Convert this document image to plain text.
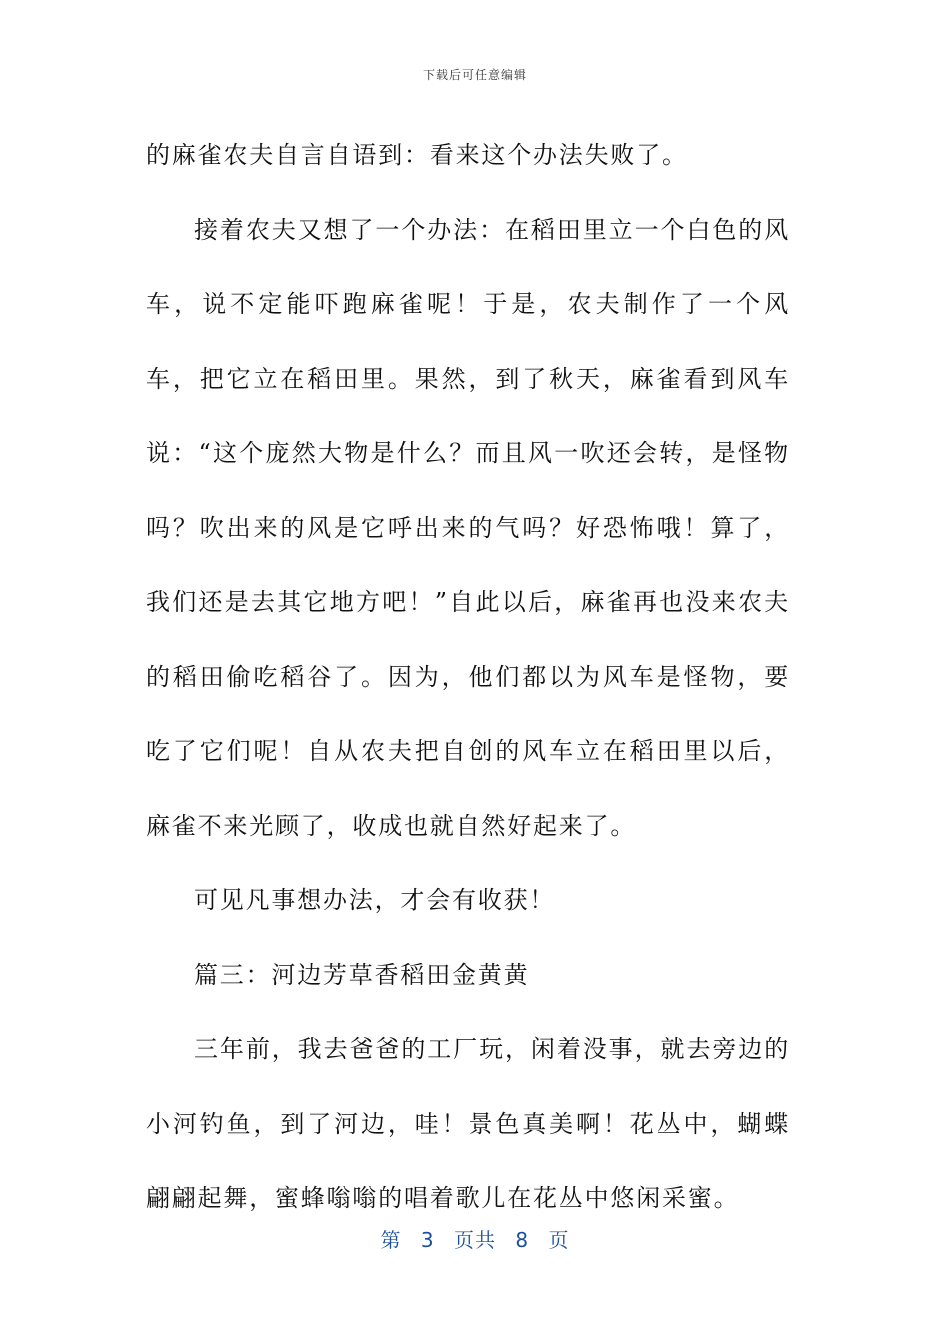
下载后可任意编辑

的麻雀农夫自言自语到：看来这个办法失败了。

接着农夫又想了一个办法：在稻田里立一个白色的风车，说不定能吓跑麻雀呢！于是，农夫制作了一个风车，把它立在稻田里。果然，到了秋天，麻雀看到风车说：“这个庞然大物是什么？而且风一吹还会转，是怪物吗？吹出来的风是它呼出来的气吗？好恐怖哦！算了，我们还是去其它地方吧！”自此以后，麻雀再也没来农夫的稻田偷吃稻谷了。因为，他们都以为风车是怪物，要吃了它们呢！自从农夫把自创的风车立在稻田里以后，麻雀不来光顾了，收成也就自然好起来了。

可见凡事想办法，才会有收获！

篇三：河边芳草香稻田金黄黄

三年前，我去爸爸的工厂玩，闲着没事，就去旁边的小河钓鱼，到了河边，哇！景色真美啊！花丛中，蝴蝶翩翩起舞，蜜蜂嗡嗡的唱着歌儿在花丛中悠闲采蜜。

第 3 页共 8 页
